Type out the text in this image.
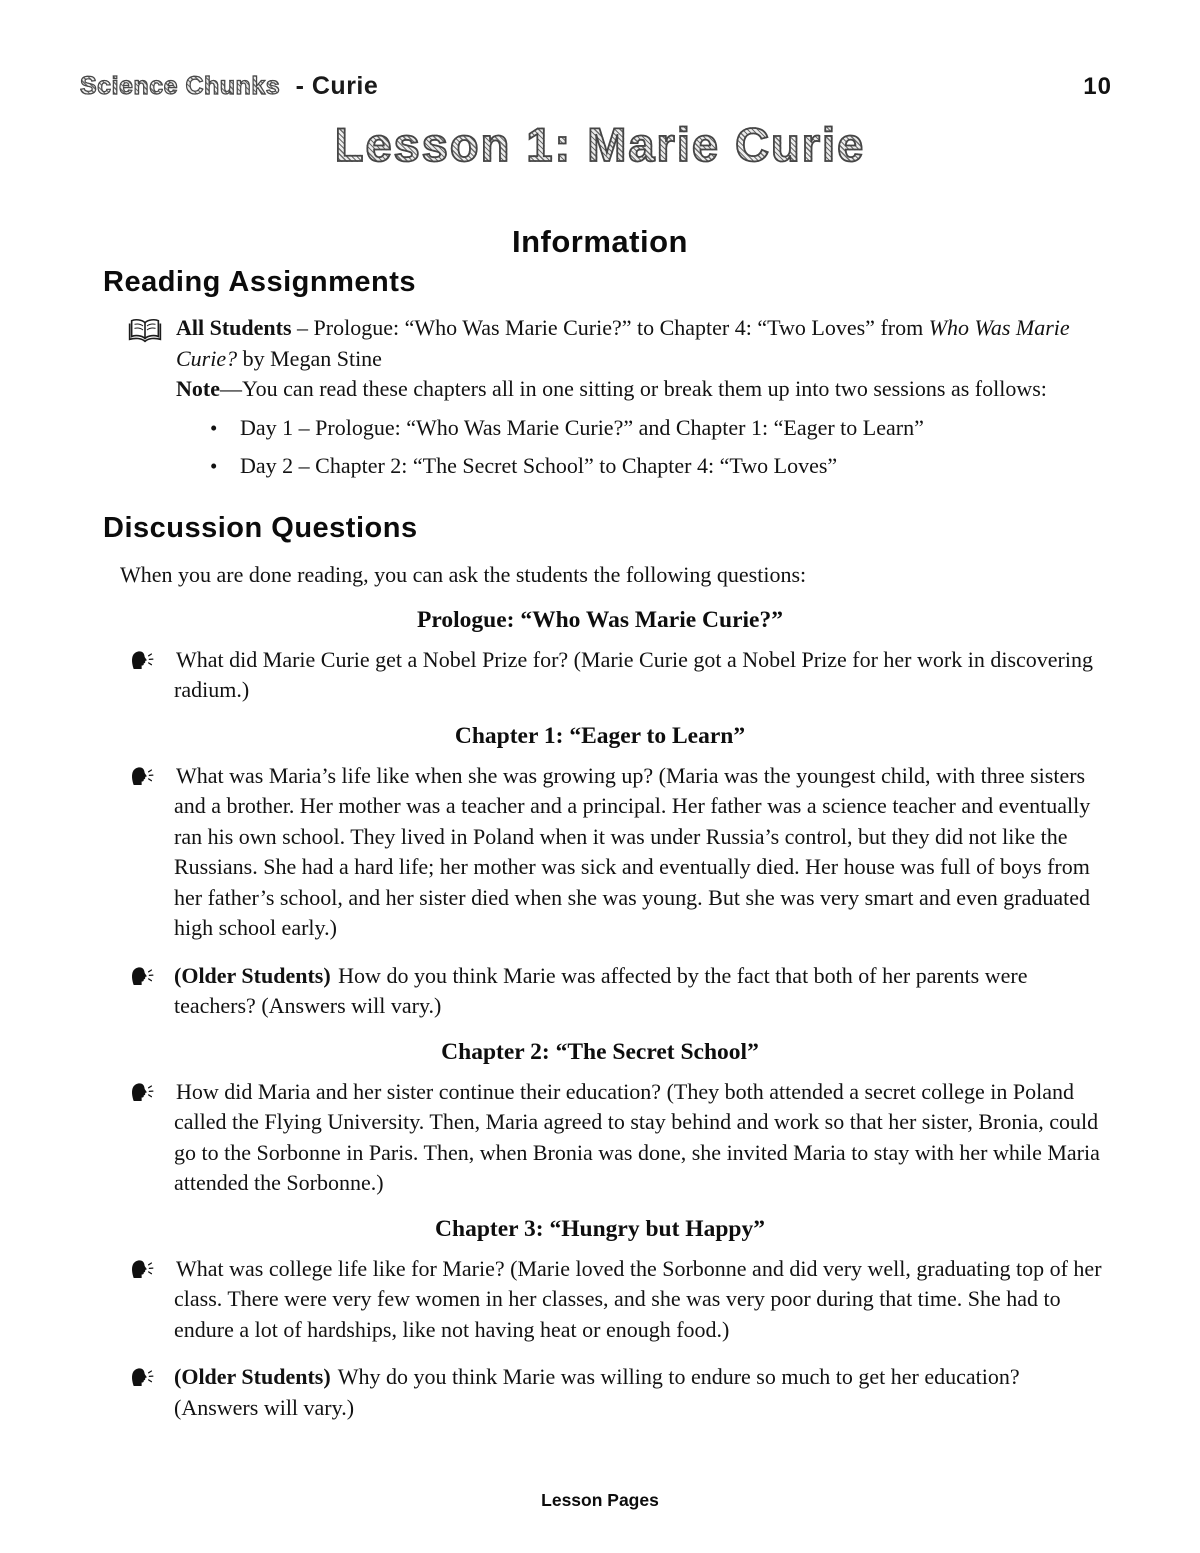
Science Chunks - Curie	10
Lesson 1: Marie Curie
Information
Reading Assignments

All Students – Prologue: “Who Was Marie Curie?” to Chapter 4: “Two Loves” from Who Was Marie Curie? by Megan Stine

Note—You can read these chapters all in one sitting or break them up into two sessions as follows:

• Day 1 – Prologue: “Who Was Marie Curie?” and Chapter 1: “Eager to Learn”
• Day 2 – Chapter 2: “The Secret School” to Chapter 4: “Two Loves”
Discussion Questions

When you are done reading, you can ask the students the following questions:

Prologue: “Who Was Marie Curie?”

What did Marie Curie get a Nobel Prize for? (Marie Curie got a Nobel Prize for her work in discovering radium.)

Chapter 1: “Eager to Learn”

What was Maria’s life like when she was growing up? (Maria was the youngest child, with three sisters and a brother. Her mother was a teacher and a principal. Her father was a science teacher and eventually ran his own school. They lived in Poland when it was under Russia’s control, but they did not like the Russians. She had a hard life; her mother was sick and eventually died. Her house was full of boys from her father’s school, and her sister died when she was young. But she was very smart and even graduated high school early.)

(Older Students) How do you think Marie was affected by the fact that both of her parents were teachers? (Answers will vary.)

Chapter 2: “The Secret School”

How did Maria and her sister continue their education? (They both attended a secret college in Poland called the Flying University. Then, Maria agreed to stay behind and work so that her sister, Bronia, could go to the Sorbonne in Paris. Then, when Bronia was done, she invited Maria to stay with her while Maria attended the Sorbonne.)

Chapter 3: “Hungry but Happy”

What was college life like for Marie? (Marie loved the Sorbonne and did very well, graduating top of her class. There were very few women in her classes, and she was very poor during that time. She had to endure a lot of hardships, like not having heat or enough food.)

(Older Students) Why do you think Marie was willing to endure so much to get her education? (Answers will vary.)

Lesson Pages
